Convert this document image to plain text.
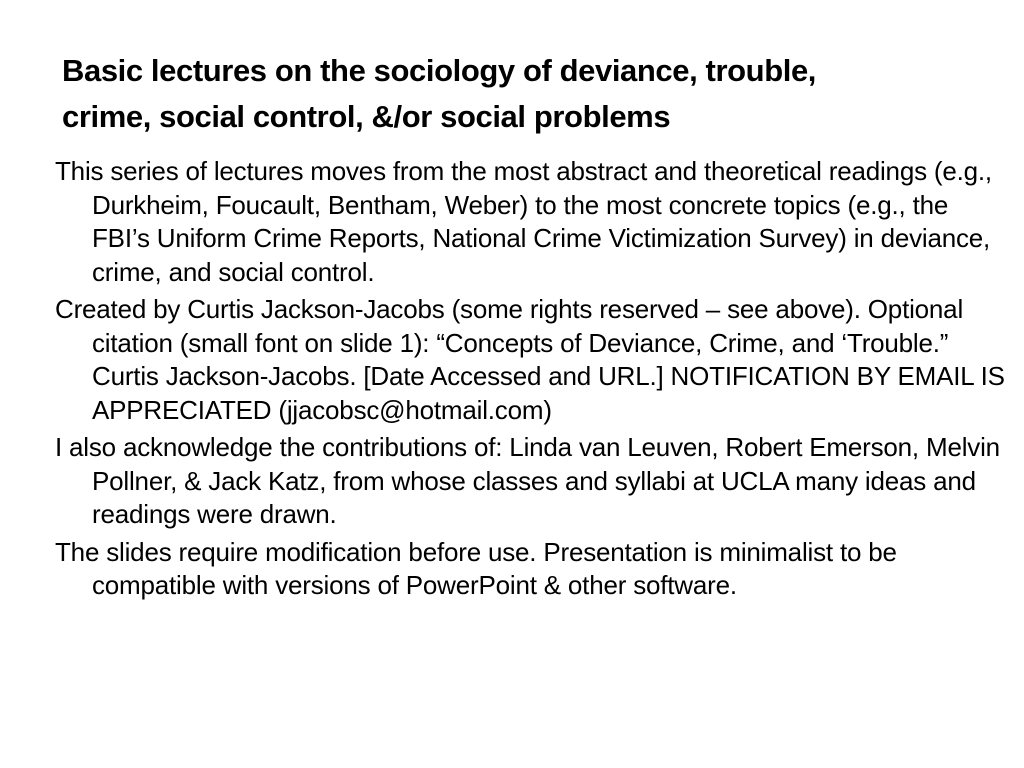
Basic lectures on the sociology of deviance, trouble,
crime, social control, &/or social problems
This series of lectures moves from the most abstract and theoretical readings (e.g., Durkheim, Foucault, Bentham, Weber) to the most concrete topics (e.g., the FBI’s Uniform Crime Reports, National Crime Victimization Survey) in deviance, crime, and social control.
Created by Curtis Jackson-Jacobs (some rights reserved – see above). Optional citation (small font on slide 1): “Concepts of Deviance, Crime, and ‘Trouble.” Curtis Jackson-Jacobs. [Date Accessed and URL.] NOTIFICATION BY EMAIL IS APPRECIATED (jjacobsc@hotmail.com)
I also acknowledge the contributions of: Linda van Leuven, Robert Emerson, Melvin Pollner, & Jack Katz, from whose classes and syllabi at UCLA many ideas and readings were drawn.
The slides require modification before use. Presentation is minimalist to be compatible with versions of PowerPoint & other software.
